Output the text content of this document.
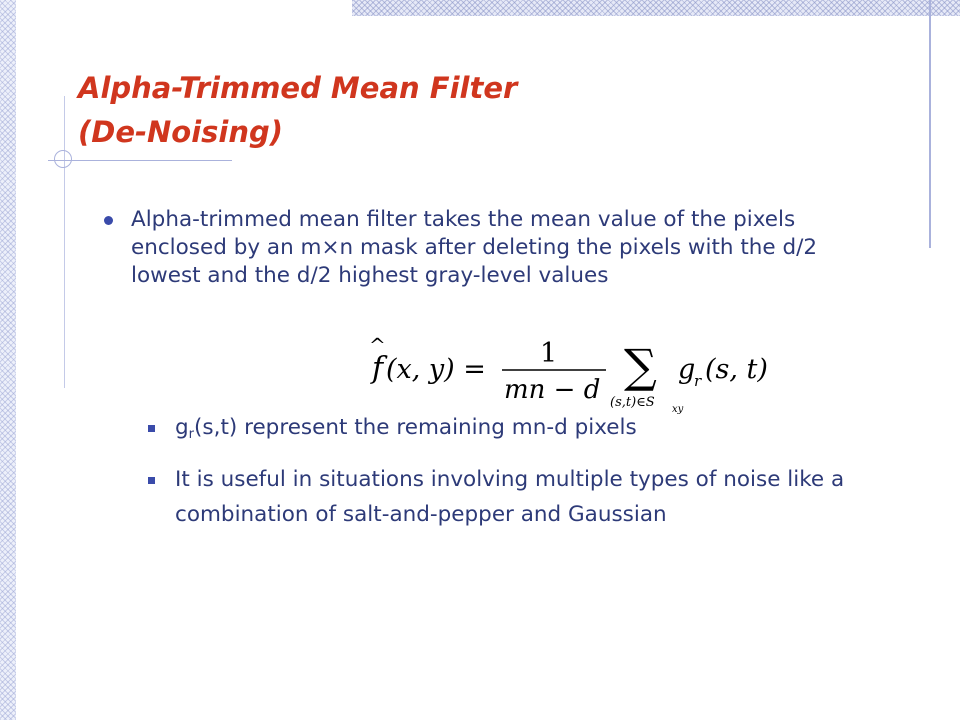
Alpha-Trimmed Mean Filter
(De-Noising)
Alpha-trimmed mean filter takes the mean value of the pixels enclosed by an m×n mask after deleting the pixels with the d/2 lowest and the d/2 highest gray-level values
f
^
(x, y) =
1
mn − d ∑
(s,t)∈S xy
g
r (s, t)
$g_r(s,t)$ represent the remaining mn-d pixels
It is useful in situations involving multiple types of noise like a combination of salt-and-pepper and Gaussian
